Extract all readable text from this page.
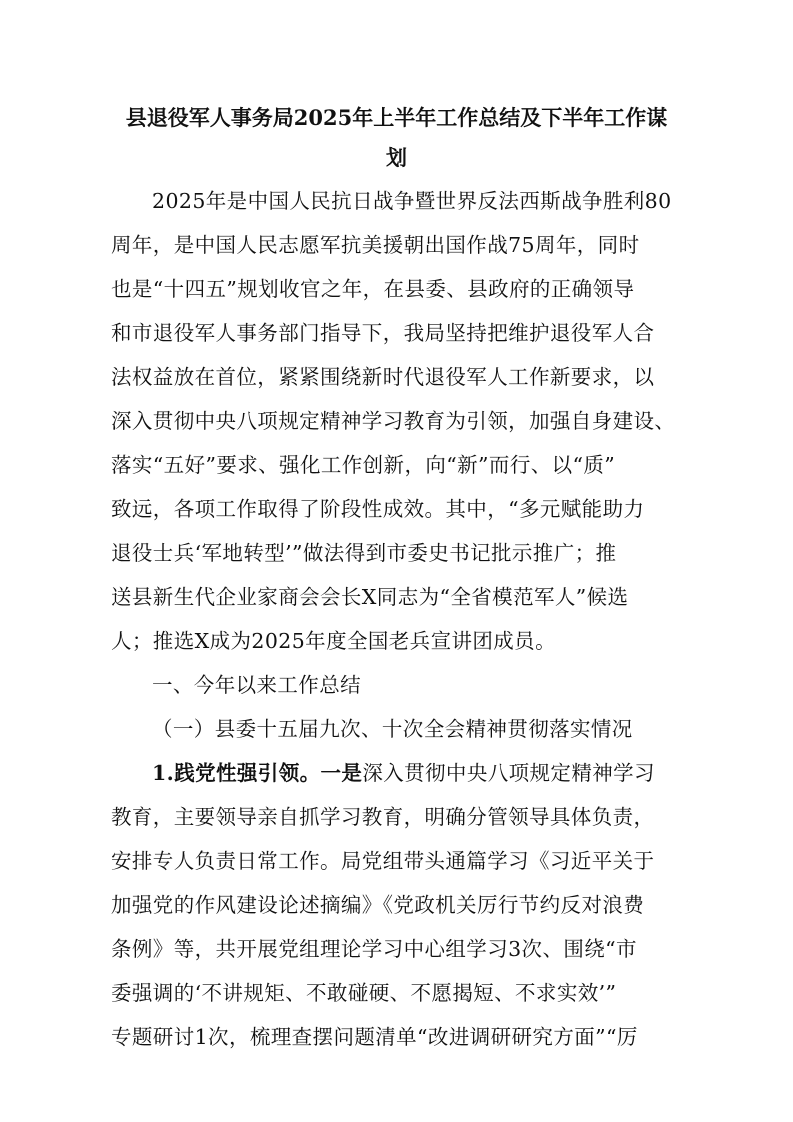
县退役军人事务局2025年上半年工作总结及下半年工作谋
划
2025年是中国人民抗日战争暨世界反法西斯战争胜利80
周年，是中国人民志愿军抗美援朝出国作战75周年，同时
也是“十四五”规划收官之年，在县委、县政府的正确领导
和市退役军人事务部门指导下，我局坚持把维护退役军人合
法权益放在首位，紧紧围绕新时代退役军人工作新要求，以
深入贯彻中央八项规定精神学习教育为引领，加强自身建设、
落实“五好”要求、强化工作创新，向“新”而行、以“质”
致远，各项工作取得了阶段性成效。其中，“多元赋能助力
退役士兵‘军地转型’”做法得到市委史书记批示推广；推
送县新生代企业家商会会长X同志为“全省模范军人”候选
人；推选X成为2025年度全国老兵宣讲团成员。
一、今年以来工作总结
（一）县委十五届九次、十次全会精神贯彻落实情况
1.践党性强引领。一是深入贯彻中央八项规定精神学习
教育，主要领导亲自抓学习教育，明确分管领导具体负责，
安排专人负责日常工作。局党组带头通篇学习《习近平关于
加强党的作风建设论述摘编》《党政机关厉行节约反对浪费
条例》等，共开展党组理论学习中心组学习3次、围绕“市
委强调的‘不讲规矩、不敢碰硬、不愿揭短、不求实效’”
专题研讨1次，梳理查摆问题清单“改进调研研究方面”“厉
